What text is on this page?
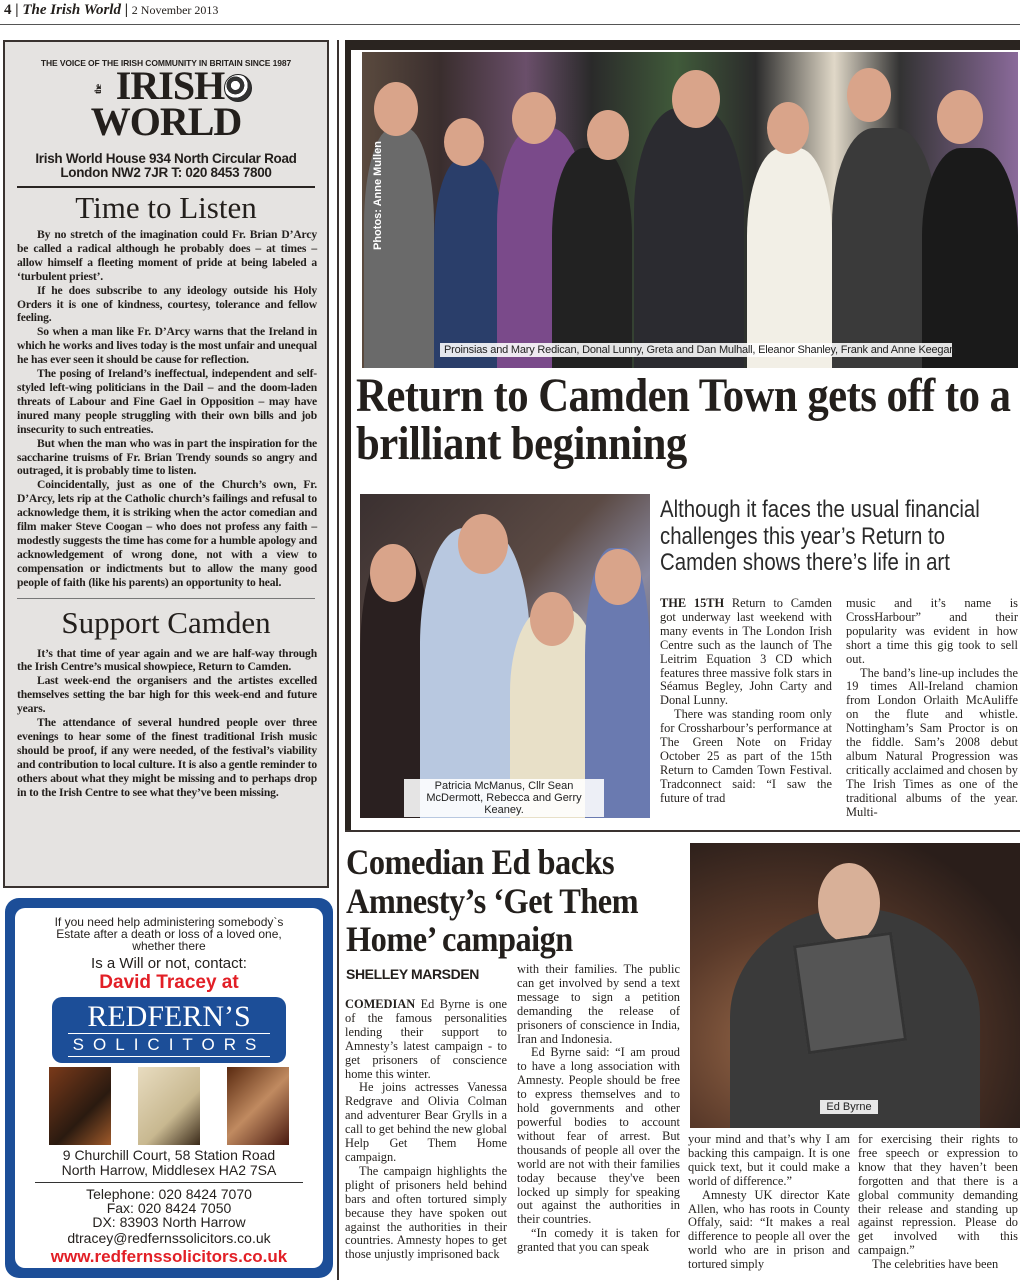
4 | The Irish World | 2 November 2013
THE VOICE OF THE IRISH COMMUNITY IN BRITAIN SINCE 1987
the IRISHWORLD
Irish World House 934 North Circular Road
London NW2 7JR T: 020 8453 7800
Time to Listen

By no stretch of the imagination could Fr. Brian D’Arcy be called a radical although he probably does – at times – allow himself a fleeting moment of pride at being labeled a ‘turbulent priest’.

If he does subscribe to any ideology outside his Holy Orders it is one of kindness, courtesy, tolerance and fellow feeling.

So when a man like Fr. D’Arcy warns that the Ireland in which he works and lives today is the most unfair and unequal he has ever seen it should be cause for reflection.

The posing of Ireland’s ineffectual, independent and self-styled left-wing politicians in the Dail – and the doom-laden threats of Labour and Fine Gael in Opposition – may have inured many people struggling with their own bills and job insecurity to such entreaties.

But when the man who was in part the inspiration for the saccharine truisms of Fr. Brian Trendy sounds so angry and outraged, it is probably time to listen.

Coincidentally, just as one of the Church’s own, Fr. D’Arcy, lets rip at the Catholic church’s failings and refusal to acknowledge them, it is striking when the actor comedian and film maker Steve Coogan – who does not profess any faith – modestly suggests the time has come for a humble apology and acknowledgement of wrong done, not with a view to compensation or indictments but to allow the many good people of faith (like his parents) an opportunity to heal.

Support Camden

It’s that time of year again and we are half-way through the Irish Centre’s musical showpiece, Return to Camden.

Last week-end the organisers and the artistes excelled themselves setting the bar high for this week-end and future years.

The attendance of several hundred people over three evenings to hear some of the finest traditional Irish music should be proof, if any were needed, of the festival’s viability and contribution to local culture. It is also a gentle reminder to others about what they might be missing and to perhaps drop in to the Irish Centre to see what they’ve been missing.

If you need help administering somebody`s
Estate after a death or loss of a loved one,
whether there
Is a Will or not, contact:
David Tracey at
REDFERN’S
SOLICITORS
9 Churchill Court, 58 Station Road
North Harrow, Middlesex HA2 7SA
Telephone: 020 8424 7070
Fax: 020 8424 7050
DX: 83903 North Harrow
dtracey@redfernssolicitors.co.uk
www.redfernssolicitors.co.uk
Photos: Anne Mullen
Proinsias and Mary Redican, Donal Lunny, Greta and Dan Mulhall, Eleanor Shanley, Frank and Anne Keegan
Return to Camden Town gets off to a brilliant beginning
Patricia McManus, Cllr Sean McDermott, Rebecca and Gerry Keaney.
Although it faces the usual financial challenges this year’s Return to Camden shows there’s life in art

THE 15TH Return to Camden got underway last weekend with many events in The London Irish Centre such as the launch of The Leitrim Equation 3 CD which features three massive folk stars in Séamus Begley, John Carty and Donal Lunny.

There was standing room only for Crossharbour’s performance at The Green Note on Friday October 25 as part of the 15th Return to Camden Town Festival. Tradconnect said: “I saw the future of trad

music and it’s name is CrossHarbour” and their popularity was evident in how short a time this gig took to sell out.

The band’s line-up includes the 19 times All-Ireland chamion from London Orlaith McAuliffe on the flute and whistle. Nottingham’s Sam Proctor is on the fiddle. Sam’s 2008 debut album Natural Progression was critically acclaimed and chosen by The Irish Times as one of the traditional albums of the year. Multi-

Comedian Ed backs Amnesty’s ‘Get Them Home’ campaign
Ed Byrne
SHELLEY MARSDEN

COMEDIAN Ed Byrne is one of the famous personalities lending their support to Amnesty’s latest campaign - to get prisoners of conscience home this winter.

He joins actresses Vanessa Redgrave and Olivia Colman and adventurer Bear Grylls in a call to get behind the new global Help Get Them Home campaign.

The campaign highlights the plight of prisoners held behind bars and often tortured simply because they have spoken out against the authorities in their countries. Amnesty hopes to get those unjustly imprisoned back

with their families. The public can get involved by send a text message to sign a petition demanding the release of prisoners of conscience in India, Iran and Indonesia.

Ed Byrne said: “I am proud to have a long association with Amnesty. People should be free to express themselves and to hold governments and other powerful bodies to account without fear of arrest. But thousands of people all over the world are not with their families today because they've been locked up simply for speaking out against the authorities in their countries.

“In comedy it is taken for granted that you can speak

your mind and that’s why I am backing this campaign. It is one quick text, but it could make a world of difference.”

Amnesty UK director Kate Allen, who has roots in County Offaly, said: “It makes a real difference to people all over the world who are in prison and tortured simply

for exercising their rights to free speech or expression to know that they haven’t been forgotten and that there is a global community demanding their release and standing up against repression. Please do get involved with this campaign.”

The celebrities have been
